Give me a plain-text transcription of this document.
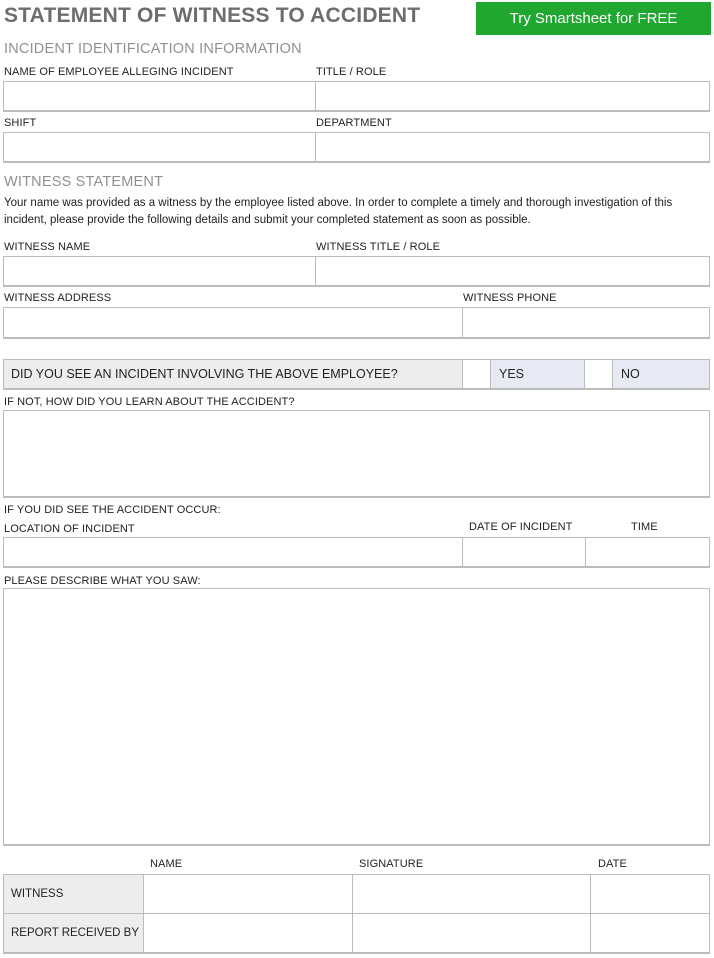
STATEMENT OF WITNESS TO ACCIDENT	Try Smartsheet for FREE
INCIDENT IDENTIFICATION INFORMATION
NAME OF EMPLOYEE ALLEGING INCIDENT	TITLE / ROLE
SHIFT	DEPARTMENT
WITNESS STATEMENT
Your name was provided as a witness by the employee listed above. In order to complete a timely and thorough investigation of this incident, please provide the following details and submit your completed statement as soon as possible.
WITNESS NAME	WITNESS TITLE / ROLE
WITNESS ADDRESS	WITNESS PHONE
DID YOU SEE AN INCIDENT INVOLVING THE ABOVE EMPLOYEE?	YES	NO
IF NOT, HOW DID YOU LEARN ABOUT THE ACCIDENT?
IF YOU DID SEE THE ACCIDENT OCCUR:
LOCATION OF INCIDENT	DATE OF INCIDENT	TIME
PLEASE DESCRIBE WHAT YOU SAW:
NAME	SIGNATURE	DATE
WITNESS			
REPORT RECEIVED BY			
